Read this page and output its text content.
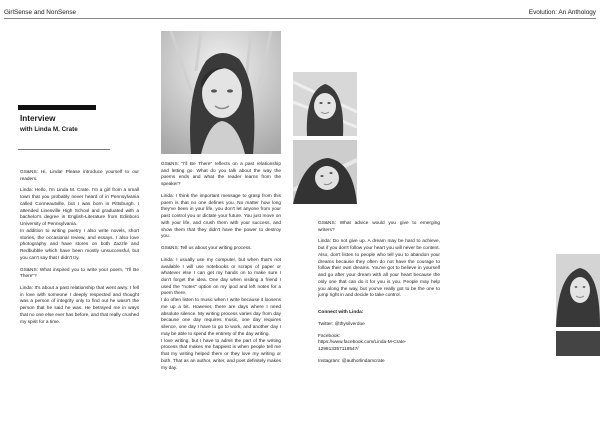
GirlSense and NonSense	Evolution: An Anthology
Interview
with Linda M. Crate

GS&NS: Hi, Linda! Please introduce yourself to our readers.

Linda: Hello, I'm Linda M. Crate. I'm a girl from a small town that you probably never heard of in Pennsylvania called Conneautville, but I was born in Pittsburgh. I attended Linesville High School and graduated with a bachelor's degree in English-Literature from Edinboro University of Pennsylvania.

In addition to writing poetry I also write novels, short stories, the occasional review, and essays. I also love photography and have stores on both Zazzle and Redbubble which have been mostly unsuccessful, but you can't say that I didn't try.

GS&NS: What inspired you to write your poem, "I'll Be There"?

Linda: It's about a past relationship that went awry. I fell in love with someone I deeply respected and thought was a person of integrity only to find out he wasn't the person that he said he was. He betrayed me in ways that no one else ever has before, and that really crushed my spirit for a time.

GS&NS: "I'll Be There" reflects on a past relationship and letting go. What do you talk about the way the poems ends and what the reader learns from the speaker?

Linda: I think the important message to grasp from this poem is that no one defines you. No matter how long they've been in your life, you don't let anyone from your past control you or dictate your future. You just move on with your life, and crush them with your success, and show them that they didn't have the power to destroy you.

GS&NS: Tell us about your writing process.

Linda: I usually use my computer, but when that's not available I will use notebooks or scraps of paper or whatever else I can get my hands on to make sure I don't forget the idea. One day when visiting a friend I used the "notes" option on my ipod and left notes for a poem there.

I do often listen to music when I write because it loosens me up a bit. However, there are days where I need absolute silence. My writing process varies day from day because one day requires music, one day requires silence, one day I have to go to work, and another day I may be able to spend the entirety of the day writing.

I love writing, but I have to admit the part of the writing process that makes me happiest is when people tell me that my writing helped them or they love my writing or both. That as an author, writer, and poet definitely makes my day.

GS&NS: What advice would you give to emerging writers?

Linda: Do not give up. A dream may be hard to achieve, but if you don't follow your heart you will never be content.

Also, don't listen to people who tell you to abandon your dreams because they often do not have the courage to follow their own dreams. You've got to believe in yourself and go after your dream with all your heart because the only one that can do it for you is you. People may help you along the way, but you've really got to be the one to jump right in and decide to take control.

Connect with Linda:

Twitter: @thysilverdoe

Facebook:

https://www.facebook.com/Linda-M-Crate-129813357118547/

Instagram: @authorlindamcrate
